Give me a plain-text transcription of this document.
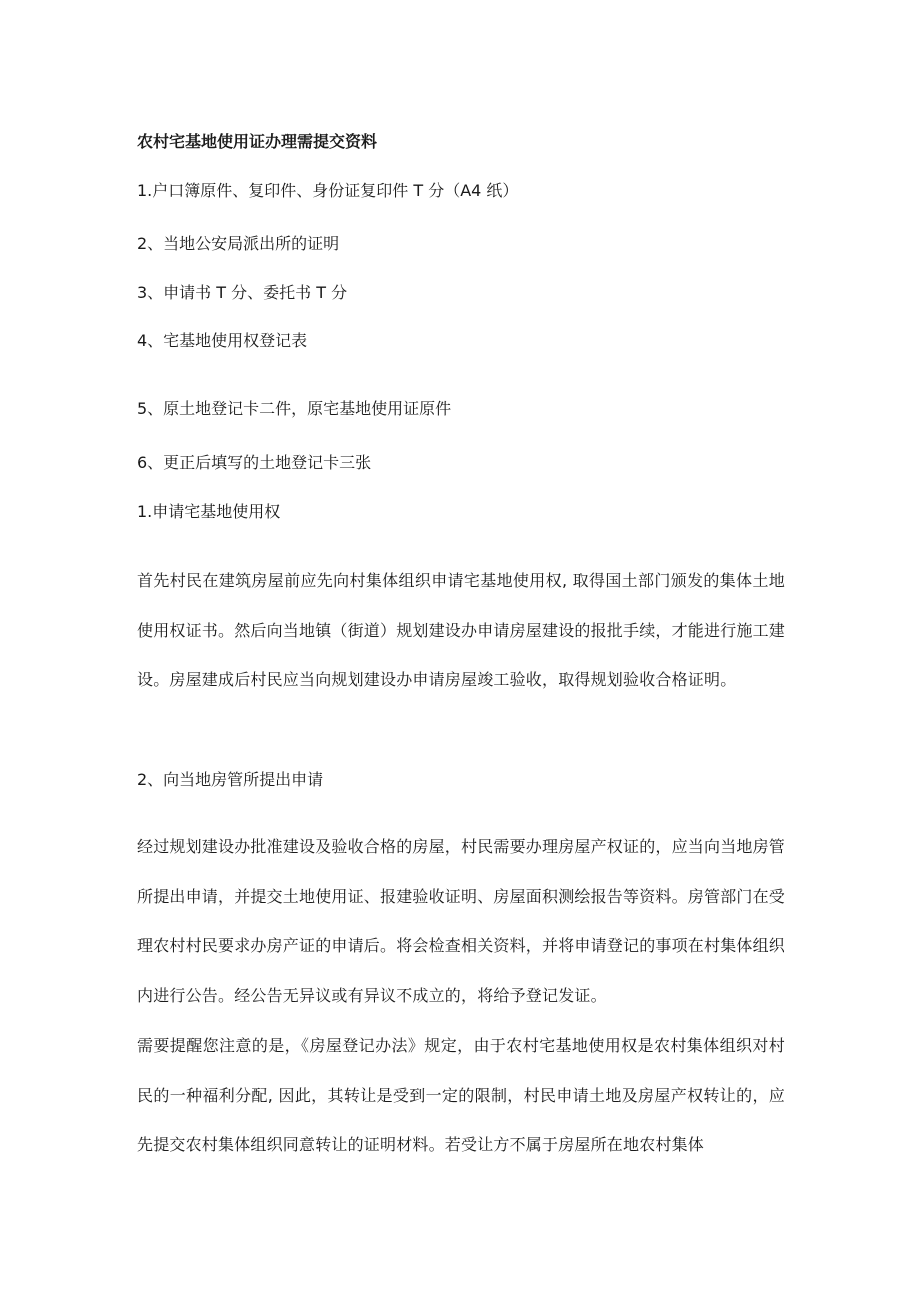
农村宅基地使用证办理需提交资料
1.户口簿原件、复印件、身份证复印件 T 分（A4 纸）
2、当地公安局派出所的证明
3、申请书 T 分、委托书 T 分
4、宅基地使用权登记表
5、原土地登记卡二件，原宅基地使用证原件
6、更正后填写的土地登记卡三张
1.申请宅基地使用权
首先村民在建筑房屋前应先向村集体组织申请宅基地使用权, 取得国土部门颁发的集体土地使用权证书。然后向当地镇（街道）规划建设办申请房屋建设的报批手续，才能进行施工建设。房屋建成后村民应当向规划建设办申请房屋竣工验收，取得规划验收合格证明。
2、向当地房管所提出申请
经过规划建设办批准建设及验收合格的房屋，村民需要办理房屋产权证的，应当向当地房管所提出申请，并提交土地使用证、报建验收证明、房屋面积测绘报告等资料。房管部门在受理农村村民要求办房产证的申请后。将会检查相关资料，并将申请登记的事项在村集体组织内进行公告。经公告无异议或有异议不成立的，将给予登记发证。
需要提醒您注意的是，《房屋登记办法》规定，由于农村宅基地使用权是农村集体组织对村民的一种福利分配, 因此，其转让是受到一定的限制，村民申请土地及房屋产权转让的，应先提交农村集体组织同意转让的证明材料。若受让方不属于房屋所在地农村集体
